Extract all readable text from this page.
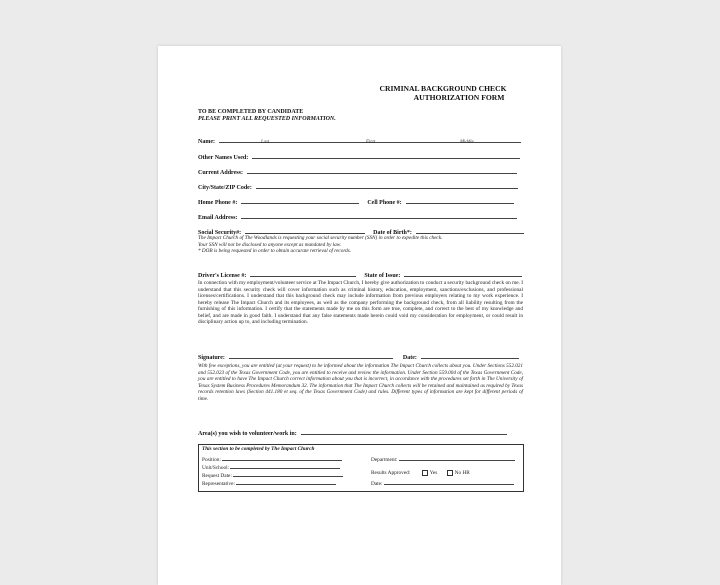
CRIMINAL BACKGROUND CHECK
AUTHORIZATION FORM
TO BE COMPLETED BY CANDIDATE
PLEASE PRINT ALL REQUESTED INFORMATION.
Name:	Last	First	Middle
Other Names Used:
Current Address:
City/State/ZIP Code:
Home Phone #:	Cell Phone #:
Email Address:
Social Security#:	Date of Birth*:
The Impact Church of The Woodlands is requesting your social security number (SSN) in order to expedite this check.
Your SSN will not be disclosed to anyone except as mandated by law.
* DOB is being requested in order to obtain accurate retrieval of records.
Driver's License #:	State of Issue:
In connection with my employment/volunteer service at The Impact Church, I hereby give authorization to conduct a security background check on me. I understand that this security check will cover information such as criminal history, education, employment, sanctions/exclusions, and professional licenses/certifications. I understand that this background check may include information from previous employers relating to my work experience. I hereby release The Impact Church and its employees, as well as the company performing the background check, from all liability resulting from the furnishing of this information. I certify that the statements made by me on this form are true, complete, and correct to the best of my knowledge and belief, and are made in good faith. I understand that any false statements made herein could void my consideration for employment, or could result in disciplinary action up to, and including termination.
Signature:	Date:
With few exceptions, you are entitled (at your request) to be informed about the information The Impact Church collects about you. Under Sections 552.021 and 552.023 of the Texas Government Code, you are entitled to receive and review the information. Under Section 559.004 of the Texas Government Code, you are entitled to have The Impact Church correct information about you that is incorrect, in accordance with the procedures set forth in The University of Texas System Business Procedures Memorandum 32. The information that The Impact Church collects will be retained and maintained as required by Texas records retention laws (Section 441.180 et seq. of the Texas Government Code) and rules. Different types of information are kept for different periods of time.
Area(s) you wish to volunteer/work in:
This section to be completed by The Impact Church
Position:	Department:
Unit/School:
Request Date:	Results Approved:	Yes	No HR
Representative:	Date:
